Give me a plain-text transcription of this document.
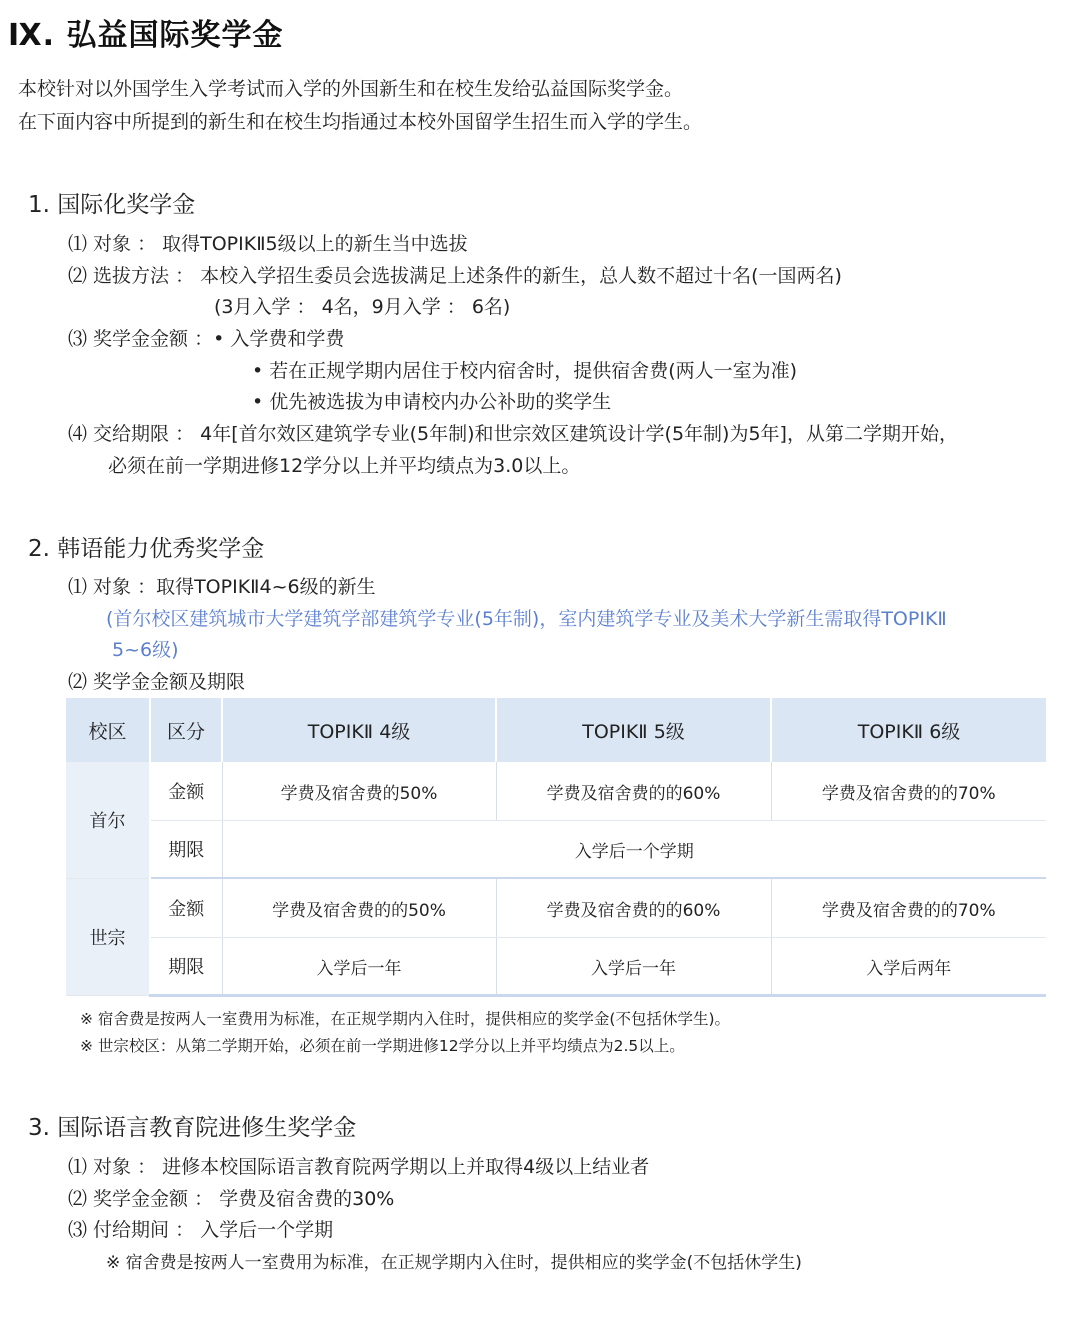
Ⅸ. 弘益国际奖学金
本校针对以外国学生入学考试而入学的外国新生和在校生发给弘益国际奖学金。
在下面内容中所提到的新生和在校生均指通过本校外国留学生招生而入学的学生。
1. 国际化奖学金
⑴ 对象 ： 取得TOPIKⅡ5级以上的新生当中选拔
⑵ 选拔方法 ： 本校入学招生委员会选拔满足上述条件的新生，总人数不超过十名(一国两名)
(3月入学 ： 4名，9月入学 ： 6名)
⑶ 奖学金金额 ：• 入学费和学费
• 若在正规学期内居住于校内宿舍时，提供宿舍费(两人一室为准)
• 优先被选拔为申请校内办公补助的奖学生
⑷ 交给期限 ： 4年[首尔效区建筑学专业(5年制)和世宗效区建筑设计学(5年制)为5年]，从第二学期开始，
必须在前一学期进修12学分以上并平均绩点为3.0以上。
2. 韩语能力优秀奖学金
⑴ 对象 ：取得TOPIKⅡ4~6级的新生
(首尔校区建筑城市大学建筑学部建筑学专业(5年制)，室内建筑学专业及美术大学新生需取得TOPIKⅡ
5~6级)
⑵ 奖学金金额及期限
校区	区分	TOPIKⅡ 4级	TOPIKⅡ 5级	TOPIKⅡ 6级
首尔	金额	学费及宿舍费的50%	学费及宿舍费的的60%	学费及宿舍费的的70%
	期限	入学后一个学期		
世宗	金额	学费及宿舍费的的50%	学费及宿舍费的的60%	学费及宿舍费的的70%
	期限	入学后一年	入学后一年	入学后两年
※ 宿舍费是按两人一室费用为标准，在正规学期内入住时，提供相应的奖学金(不包括休学生)。
※ 世宗校区：从第二学期开始，必须在前一学期进修12学分以上并平均绩点为2.5以上。
3. 国际语言教育院进修生奖学金
⑴ 对象 ： 进修本校国际语言教育院两学期以上并取得4级以上结业者
⑵ 奖学金金额 ： 学费及宿舍费的30%
⑶ 付给期间 ： 入学后一个学期
※ 宿舍费是按两人一室费用为标准，在正规学期内入住时，提供相应的奖学金(不包括休学生)
